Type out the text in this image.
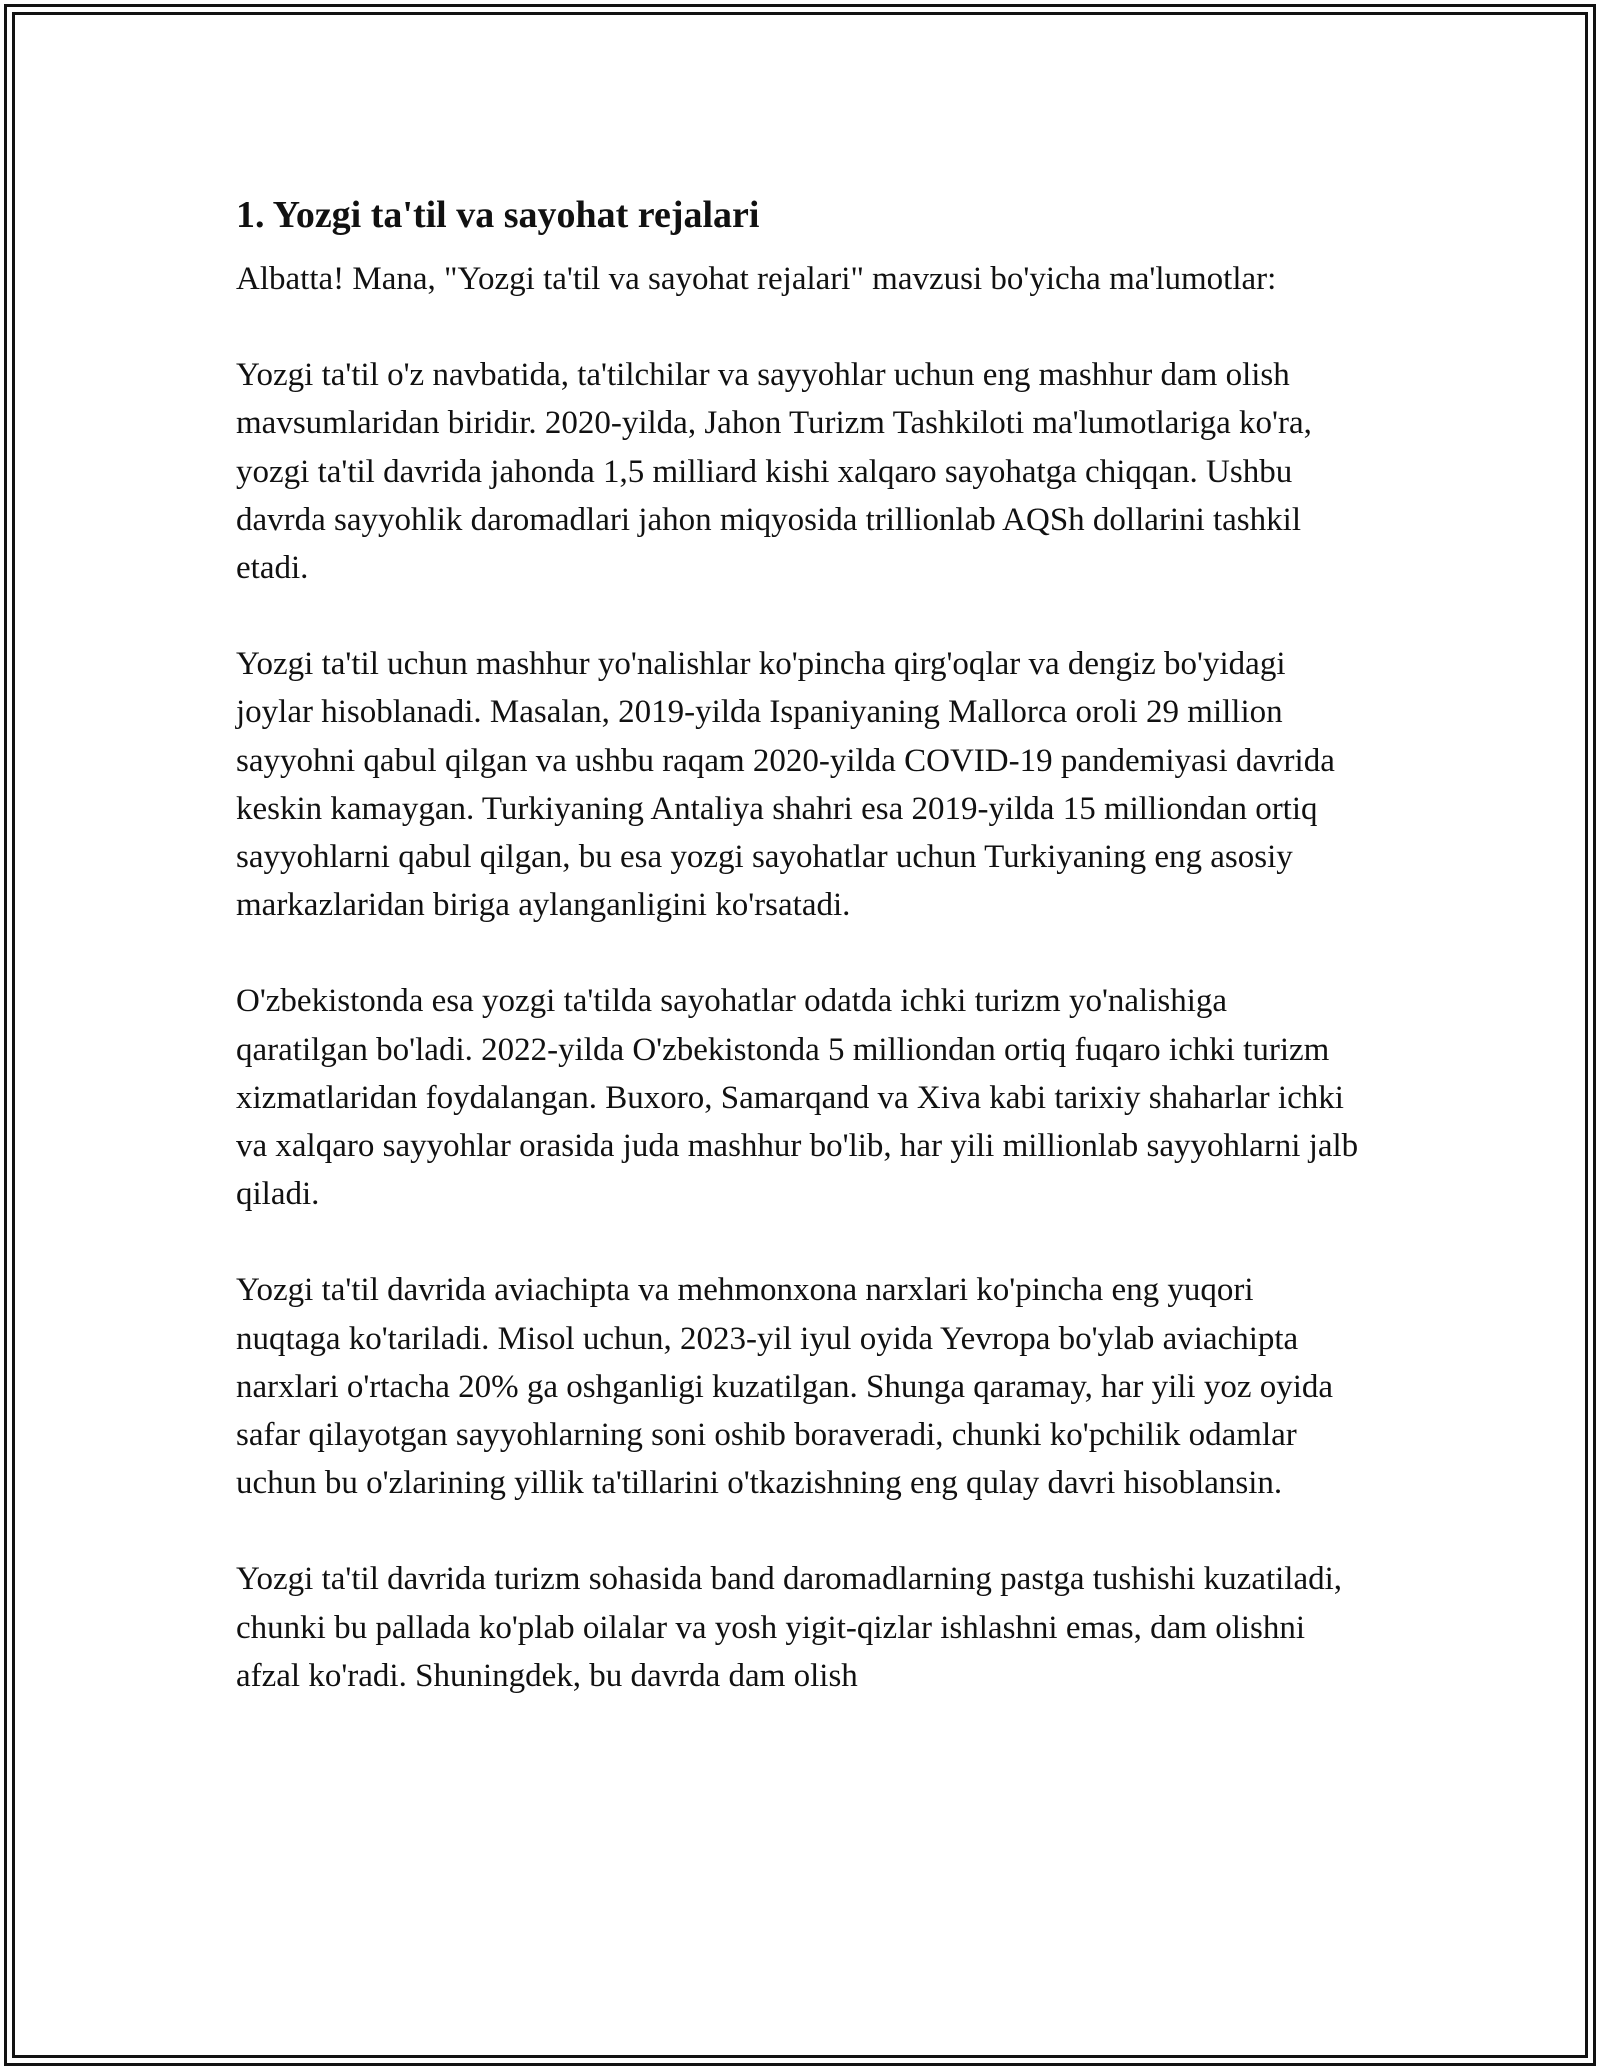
1. Yozgi ta'til va sayohat rejalari

Albatta! Mana, "Yozgi ta'til va sayohat rejalari" mavzusi bo'yicha ma'lumotlar:

Yozgi ta'til o'z navbatida, ta'tilchilar va sayyohlar uchun eng mashhur dam olish mavsumlaridan biridir. 2020-yilda, Jahon Turizm Tashkiloti ma'lumotlariga ko'ra, yozgi ta'til davrida jahonda 1,5 milliard kishi xalqaro sayohatga chiqqan. Ushbu davrda sayyohlik daromadlari jahon miqyosida trillionlab AQSh dollarini tashkil etadi.

Yozgi ta'til uchun mashhur yo'nalishlar ko'pincha qirg'oqlar va dengiz bo'yidagi joylar hisoblanadi. Masalan, 2019-yilda Ispaniyaning Mallorca oroli 29 million sayyohni qabul qilgan va ushbu raqam 2020-yilda COVID-19 pandemiyasi davrida keskin kamaygan. Turkiyaning Antaliya shahri esa 2019-yilda 15 milliondan ortiq sayyohlarni qabul qilgan, bu esa yozgi sayohatlar uchun Turkiyaning eng asosiy markazlaridan biriga aylanganligini ko'rsatadi.

O'zbekistonda esa yozgi ta'tilda sayohatlar odatda ichki turizm yo'nalishiga qaratilgan bo'ladi. 2022-yilda O'zbekistonda 5 milliondan ortiq fuqaro ichki turizm xizmatlaridan foydalangan. Buxoro, Samarqand va Xiva kabi tarixiy shaharlar ichki va xalqaro sayyohlar orasida juda mashhur bo'lib, har yili millionlab sayyohlarni jalb qiladi.

Yozgi ta'til davrida aviachipta va mehmonxona narxlari ko'pincha eng yuqori nuqtaga ko'tariladi. Misol uchun, 2023-yil iyul oyida Yevropa bo'ylab aviachipta narxlari o'rtacha 20% ga oshganligi kuzatilgan. Shunga qaramay, har yili yoz oyida safar qilayotgan sayyohlarning soni oshib boraveradi, chunki ko'pchilik odamlar uchun bu o'zlarining yillik ta'tillarini o'tkazishning eng qulay davri hisoblansin.

Yozgi ta'til davrida turizm sohasida band daromadlarning pastga tushishi kuzatiladi, chunki bu pallada ko'plab oilalar va yosh yigit-qizlar ishlashni emas, dam olishni afzal ko'radi. Shuningdek, bu davrda dam olish
